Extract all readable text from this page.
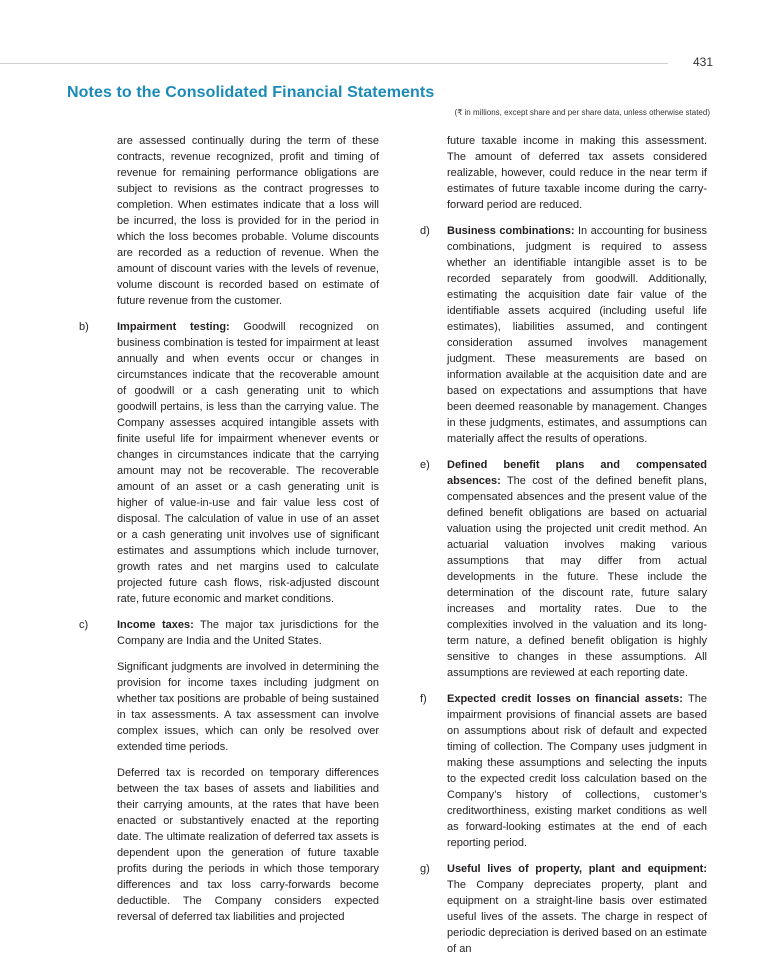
431
Notes to the Consolidated Financial Statements
(₹ in millions, except share and per share data, unless otherwise stated)

are assessed continually during the term of these contracts, revenue recognized, profit and timing of revenue for remaining performance obligations are subject to revisions as the contract progresses to completion. When estimates indicate that a loss will be incurred, the loss is provided for in the period in which the loss becomes probable. Volume discounts are recorded as a reduction of revenue. When the amount of discount varies with the levels of revenue, volume discount is recorded based on estimate of future revenue from the customer.

b)	Impairment testing: Goodwill recognized on business combination is tested for impairment at least annually and when events occur or changes in circumstances indicate that the recoverable amount of goodwill or a cash generating unit to which goodwill pertains, is less than the carrying value. The Company assesses acquired intangible assets with finite useful life for impairment whenever events or changes in circumstances indicate that the carrying amount may not be recoverable. The recoverable amount of an asset or a cash generating unit is higher of value-in-use and fair value less cost of disposal. The calculation of value in use of an asset or a cash generating unit involves use of significant estimates and assumptions which include turnover, growth rates and net margins used to calculate projected future cash flows, risk-adjusted discount rate, future economic and market conditions.

c)	Income taxes: The major tax jurisdictions for the Company are India and the United States.

Significant judgments are involved in determining the provision for income taxes including judgment on whether tax positions are probable of being sustained in tax assessments. A tax assessment can involve complex issues, which can only be resolved over extended time periods.

Deferred tax is recorded on temporary differences between the tax bases of assets and liabilities and their carrying amounts, at the rates that have been enacted or substantively enacted at the reporting date. The ultimate realization of deferred tax assets is dependent upon the generation of future taxable profits during the periods in which those temporary differences and tax loss carry-forwards become deductible. The Company considers expected reversal of deferred tax liabilities and projected

future taxable income in making this assessment. The amount of deferred tax assets considered realizable, however, could reduce in the near term if estimates of future taxable income during the carry-forward period are reduced.

d) Business combinations: In accounting for business combinations, judgment is required to assess whether an identifiable intangible asset is to be recorded separately from goodwill. Additionally, estimating the acquisition date fair value of the identifiable assets acquired (including useful life estimates), liabilities assumed, and contingent consideration assumed involves management judgment. These measurements are based on information available at the acquisition date and are based on expectations and assumptions that have been deemed reasonable by management. Changes in these judgments, estimates, and assumptions can materially affect the results of operations.

e) Defined benefit plans and compensated absences: The cost of the defined benefit plans, compensated absences and the present value of the defined benefit obligations are based on actuarial valuation using the projected unit credit method. An actuarial valuation involves making various assumptions that may differ from actual developments in the future. These include the determination of the discount rate, future salary increases and mortality rates. Due to the complexities involved in the valuation and its long-term nature, a defined benefit obligation is highly sensitive to changes in these assumptions. All assumptions are reviewed at each reporting date.

f) Expected credit losses on financial assets: The impairment provisions of financial assets are based on assumptions about risk of default and expected timing of collection. The Company uses judgment in making these assumptions and selecting the inputs to the expected credit loss calculation based on the Company’s history of collections, customer’s creditworthiness, existing market conditions as well as forward-looking estimates at the end of each reporting period.

g) Useful lives of property, plant and equipment: The Company depreciates property, plant and equipment on a straight-line basis over estimated useful lives of the assets. The charge in respect of periodic depreciation is derived based on an estimate of an
